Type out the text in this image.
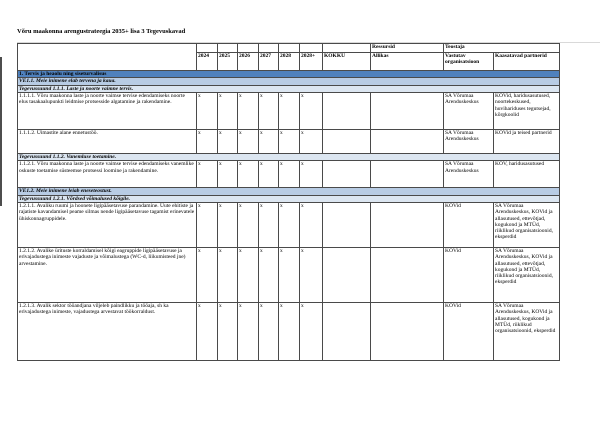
Võru maakonna arengustrateegia 2035+ lisa 3 Tegevuskavad
								Ressursid	Teostaja	
	2024	2025	2026	2027	2028	2028+	KOKKU	Allikas	Vastutav organisatsioon	Kaasatavad partnerid
1. Tervis ja heaolu ning siseturvalisus										
VE1.1. Meie inimene elab tervena ja kaua.										
Tegevussuund 1.1.1. Laste ja noorte vaimne tervis.										
1.1.1.1. Võru maakonna laste ja noorte vaimse tervise edendamiseks noorte elus tasakaalupunkti leidmise protsesside algatamine ja rakendamine.	x	x	x	x	x	x			SA Võrumaa Arenduskeskus	KOVid, haridusasutused, noortekeskused, huvihariduses tegutsejad, kõrgkoolid
1.1.1.2. Uimastite alane ennetustöö.	x	x	x	x	x	x			SA Võrumaa Arenduskeskus	KOVid ja teised partnerid
Tegevussuund 1.1.2. Vanemluse toetamine.										
1.1.2.1. Võru maakonna laste ja noorte vaimse tervise edendamiseks vanemlike oskuste toetamise süsteemse protsessi loomine ja rakendamine.	x	x	x	x	x	x			SA Võrumaa Arenduskeskus	KOV, haridusasutused
VE1.2. Meie inimene leiab eneseteostust.										
Tegevussuund 1.2.1. Võrdsed võimalused kõigile.										
1.2.1.1. Avaliku ruumi ja hoonete ligipääsetavuse parandamine. Uute ehitiste ja rajatiste kavandamisel peame silmas nende ligipääsetavuse tagamist erinevatele ühiskonnagruppidele.	x	x	x	x	x	x			KOVid	SA Võrumaa Arenduskeskus, KOVid ja allasutused, ettevõtjad, kogukond ja MTÜd, riiklikud organisatsioonid, eksperdid
1.2.1.2. Avalike ürituste korraldamisel kõigi eagruppide ligipääsetavuse ja erivajadustega inimeste vajaduste ja võimalustega (WC-d, liikumisteed jne) arvestamine.	x	x	x	x	x	x			KOVid	SA Võrumaa Arenduskeskus, KOVid ja allasutused, ettevõtjad, kogukond ja MTÜd, riiklikud organisatsioonid, eksperdid
1.2.1.3. Avalik sektor tööandjana viljeleb paindlikku ja tööaja, sh ka erivajadustega inimeste, vajadustega arvestavat töökorraldust.	x	x	x	x	x	x			KOVid	SA Võrumaa Arenduskeskus, KOVid ja allasutused, kogukond ja MTÜd, riiklikud organisatsioonid, eksperdid
